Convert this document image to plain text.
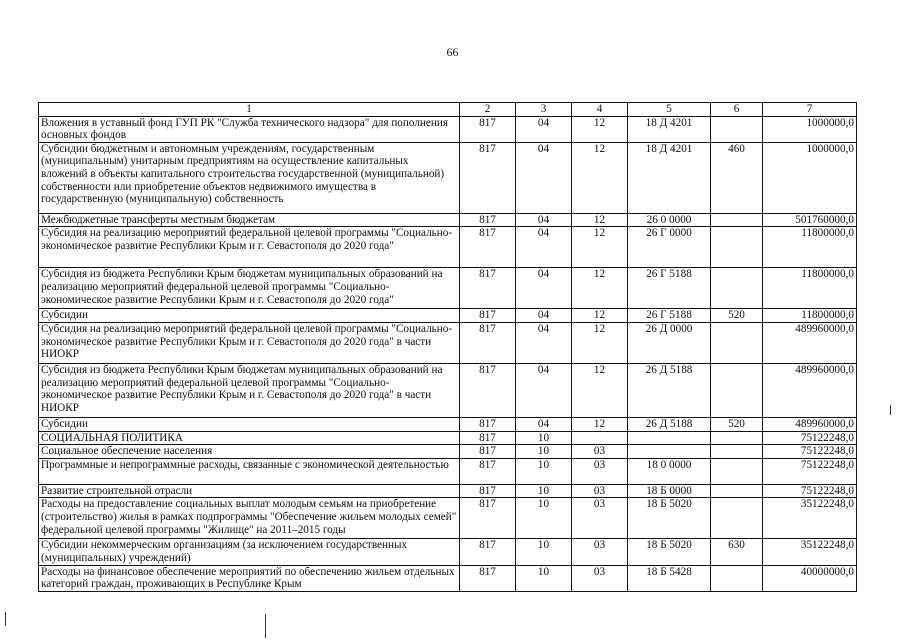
66
1	2	3	4	5	6	7
Вложения в уставный фонд ГУП РК "Служба технического надзора" для пополнения основных фондов	817	04	12	18 Д 4201		1000000,0
Субсидии бюджетным и автономным учреждениям, государственным (муниципальным) унитарным предприятиям на осуществление капитальных вложений в объекты капитального строительства государственной (муниципальной) собственности или приобретение объектов недвижимого имущества в государственную (муниципальную) собственность	817	04	12	18 Д 4201	460	1000000,0
Межбюджетные трансферты местным бюджетам	817	04	12	26 0 0000		501760000,0
Субсидия на реализацию мероприятий федеральной целевой программы "Социально-экономическое развитие Республики Крым и г. Севастополя до 2020 года"	817	04	12	26 Г 0000		11800000,0
Субсидия из бюджета Республики Крым бюджетам муниципальных образований на реализацию мероприятий федеральной целевой программы "Социально-экономическое развитие Республики Крым и г. Севастополя до 2020 года"	817	04	12	26 Г 5188		11800000,0
Субсидии	817	04	12	26 Г 5188	520	11800000,0
Субсидия на реализацию мероприятий федеральной целевой программы "Социально-экономическое развитие Республики Крым и г. Севастополя до 2020 года" в части НИОКР	817	04	12	26 Д 0000		489960000,0
Субсидия из бюджета Республики Крым бюджетам муниципальных образований на реализацию мероприятий федеральной целевой программы "Социально-экономическое развитие Республики Крым и г. Севастополя до 2020 года" в части НИОКР	817	04	12	26 Д 5188		489960000,0
Субсидии	817	04	12	26 Д 5188	520	489960000,0
СОЦИАЛЬНАЯ ПОЛИТИКА	817	10				75122248,0
Социальное обеспечение населения	817	10	03			75122248,0
Программные и непрограммные расходы, связанные с экономической деятельностью	817	10	03	18 0 0000		75122248,0
Развитие строительной отрасли	817	10	03	18 Б 0000		75122248,0
Расходы на предоставление социальных выплат молодым семьям на приобретение (строительство) жилья в рамках подпрограммы "Обеспечение жильем молодых семей" федеральной целевой программы "Жилище" на 2011–2015 годы	817	10	03	18 Б 5020		35122248,0
Субсидии некоммерческим организациям (за исключением государственных (муниципальных) учреждений)	817	10	03	18 Б 5020	630	35122248,0
Расходы на финансовое обеспечение мероприятий по обеспечению жильем отдельных категорий граждан, проживающих в Республике Крым	817	10	03	18 Б 5428		40000000,0
